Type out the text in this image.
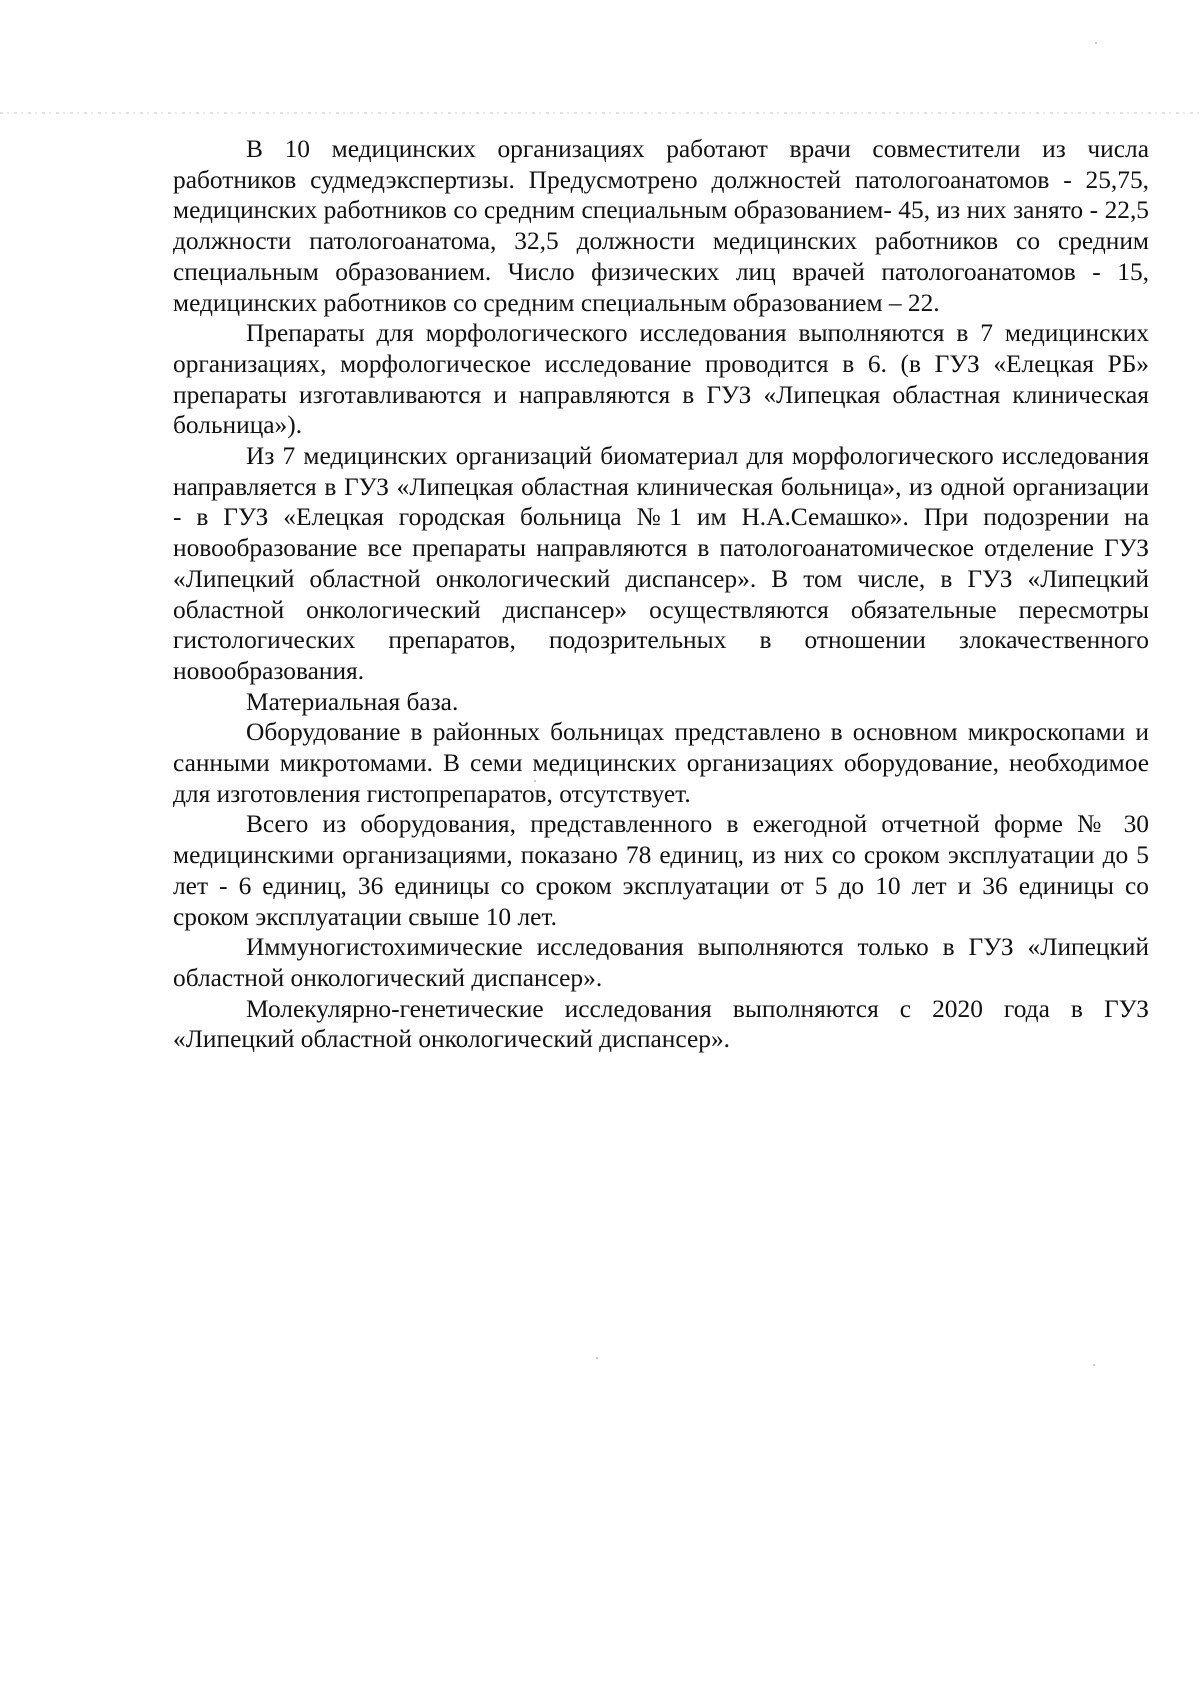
В 10 медицинских организациях работают врачи совместители из числа работников судмедэкспертизы. Предусмотрено должностей патологоанатомов - 25,75, медицинских работников со средним специальным образованием- 45, из них занято - 22,5 должности патологоанатома, 32,5 должности медицинских работников со средним специальным образованием. Число физических лиц врачей патологоанатомов - 15, медицинских работников со средним специальным образованием – 22.

Препараты для морфологического исследования выполняются в 7 медицинских организациях, морфологическое исследование проводится в 6. (в ГУЗ «Елецкая РБ» препараты изготавливаются и направляются в ГУЗ «Липецкая областная клиническая больница»).

Из 7 медицинских организаций биоматериал для морфологического исследования направляется в ГУЗ «Липецкая областная клиническая больница», из одной организации - в ГУЗ «Елецкая городская больница №1 им Н.А.Семашко». При подозрении на новообразование все препараты направляются в патологоанатомическое отделение ГУЗ «Липецкий областной онкологический диспансер». В том числе, в ГУЗ «Липецкий областной онкологический диспансер» осуществляются обязательные пересмотры гистологических препаратов, подозрительных в отношении злокачественного новообразования.

Материальная база.

Оборудование в районных больницах представлено в основном микроскопами и санными микротомами. В семи медицинских организациях оборудование, необходимое для изготовления гистопрепаратов, отсутствует.

Всего из оборудования, представленного в ежегодной отчетной форме № 30 медицинскими организациями, показано 78 единиц, из них со сроком эксплуатации до 5 лет - 6 единиц, 36 единицы со сроком эксплуатации от 5 до 10 лет и 36 единицы со сроком эксплуатации свыше 10 лет.

Иммуногистохимические исследования выполняются только в ГУЗ «Липецкий областной онкологический диспансер».

Молекулярно-генетические исследования выполняются с 2020 года в ГУЗ «Липецкий областной онкологический диспансер».
